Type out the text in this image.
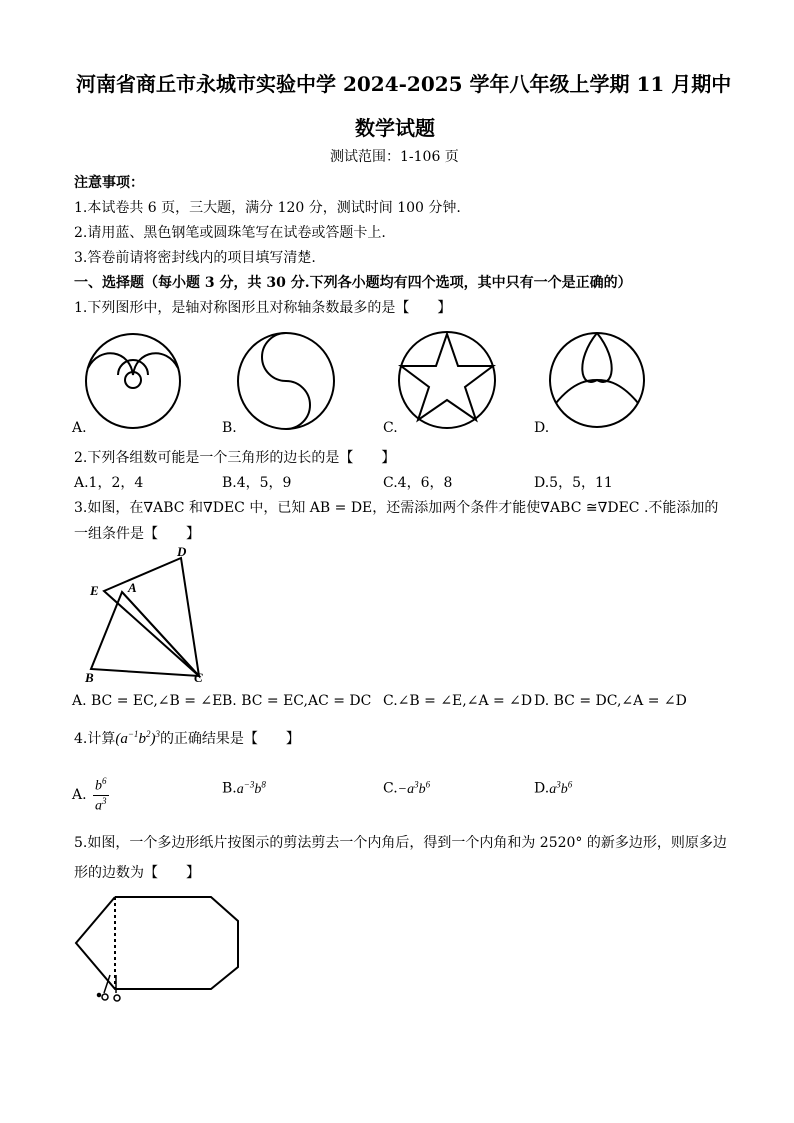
河南省商丘市永城市实验中学 2024-2025 学年八年级上学期 11 月期中
数学试题
测试范围：1-106 页
注意事项：
1.本试卷共 6 页，三大题，满分 120 分，测试时间 100 分钟.
2.请用蓝、黑色钢笔或圆珠笔写在试卷或答题卡上.
3.答卷前请将密封线内的项目填写清楚.
一、选择题（每小题 3 分，共 30 分.下列各小题均有四个选项，其中只有一个是正确的）
1.下列图形中，是轴对称图形且对称轴条数最多的是【　　】
A.	B.	C.	D.
2.下列各组数可能是一个三角形的边长的是【　　】
A.1，2，4	B.4，5，9	C.4，6，8	D.5，5，11
3.如图，在∇ABC 和∇DEC 中，已知 AB = DE，还需添加两个条件才能使∇ABC ≅∇DEC .不能添加的
一组条件是【　　】
D
E A
B	C
A. BC = EC,∠B = ∠E B. BC = EC,AC = DC C.∠B = ∠E,∠A = ∠D D. BC = DC,∠A = ∠D
4.计算$(a^{-1}b^2)^3$的正确结果是【　　】
A. $\frac{b^6}{a^3}$	$B.a^{-3}b^8$	$C.-a^3b^6$	$D.a^3b^6$
5.如图，一个多边形纸片按图示的剪法剪去一个内角后，得到一个内角和为 2520° 的新多边形，则原多边
形的边数为【　　】
